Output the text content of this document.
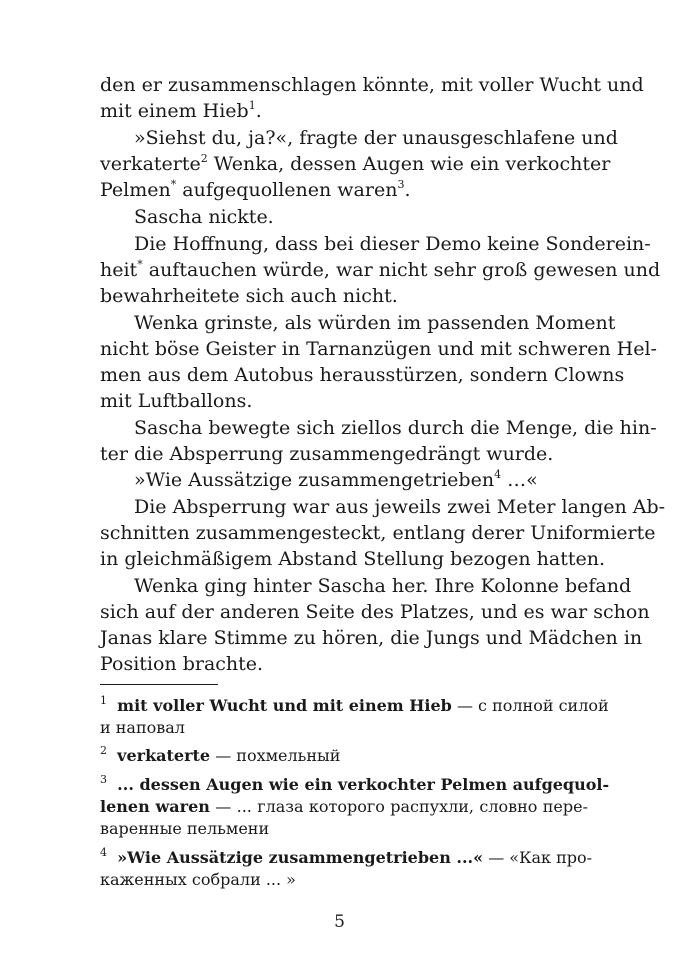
den er zusammenschlagen könnte, mit voller Wucht und
mit einem Hieb$^1$.
»Siehst du, ja?«, fragte der unausgeschlafene und
verkaterte$^2$ Wenka, dessen Augen wie ein verkochter
Pelmen* aufgequollenen waren$^3$.
Sascha nickte.
Die Hoffnung, dass bei dieser Demo keine Sonderein-
heit* auftauchen würde, war nicht sehr groß gewesen und
bewahrheitete sich auch nicht.
Wenka grinste, als würden im passenden Moment
nicht böse Geister in Tarnanzügen und mit schweren Hel-
men aus dem Autobus herausstürzen, sondern Clowns
mit Luftballons.
Sascha bewegte sich ziellos durch die Menge, die hin-
ter die Absperrung zusammengedrängt wurde.
»Wie Aussätzige zusammengetrieben$^4$ …«
Die Absperrung war aus jeweils zwei Meter langen Ab-
schnitten zusammengesteckt, entlang derer Uniformierte
in gleichmäßigem Abstand Stellung bezogen hatten.
Wenka ging hinter Sascha her. Ihre Kolonne befand
sich auf der anderen Seite des Platzes, und es war schon
Janas klare Stimme zu hören, die Jungs und Mädchen in
Position brachte.
$^1$ mit voller Wucht und mit einem Hieb — с полной силой
и наповал
$^2$ verkaterte — похмельный
$^3$ ... dessen Augen wie ein verkochter Pelmen aufgequol-
lenen waren — ... глаза которого распухли, словно пере-
варенные пельмени
$^4$ »Wie Aussätzige zusammengetrieben ...« — «Как про-
каженных собрали ... »
5
